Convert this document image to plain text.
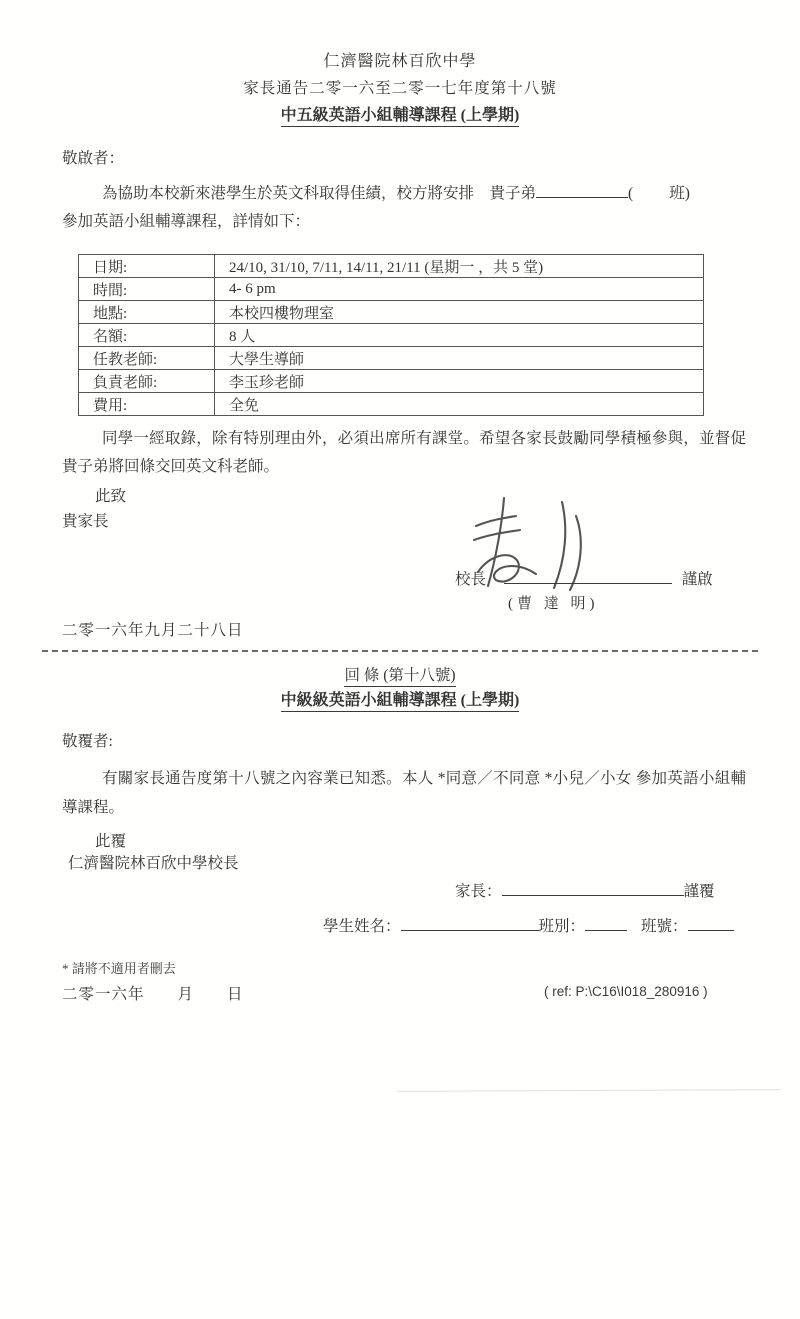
仁濟醫院林百欣中學
家長通告二零一六至二零一七年度第十八號
中五級英語小組輔導課程 (上學期)
敬啟者：
為協助本校新來港學生於英文科取得佳績，校方將安排　貴子弟	( 班)
參加英語小組輔導課程，詳情如下：
日期:	24/10, 31/10, 7/11, 14/11, 21/11 (星期一 ，共 5 堂)
時間:	4- 6 pm
地點:	本校四樓物理室
名額:	8 人
任教老師:	大學生導師
負責老師:	李玉珍老師
費用:	全免
同學一經取錄，除有特別理由外，必須出席所有課堂。希望各家長鼓勵同學積極參與，並督促　貴子弟將回條交回英文科老師。
此致
貴家長
校長	謹啟
(曹 達 明)
二零一六年九月二十八日
回 條 (第十八號)
中級級英語小組輔導課程 (上學期)
敬覆者:
有關家長通告度第十八號之內容業已知悉。本人 *同意／不同意 *小兒／小女 參加英語小組輔導課程。
此覆
仁濟醫院林百欣中學校長
家長：	謹覆
學生姓名：	班別：	班號：
* 請將不適用者刪去
二零一六年　　月　　日	( ref: P:\C16\I018_280916 )
